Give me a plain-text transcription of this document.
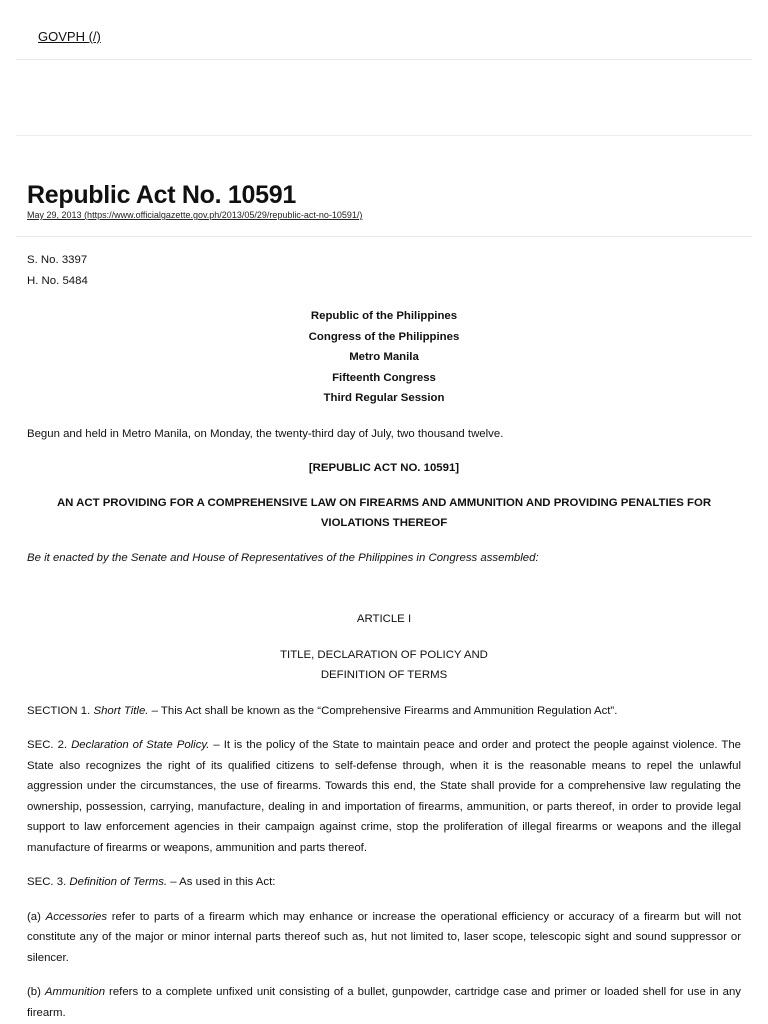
GOVPH (/)
Republic Act No. 10591
May 29, 2013 (https://www.officialgazette.gov.ph/2013/05/29/republic-act-no-10591/)

S. No. 3397

H. No. 5484

Republic of the Philippines

Congress of the Philippines

Metro Manila

Fifteenth Congress

Third Regular Session

Begun and held in Metro Manila, on Monday, the twenty-third day of July, two thousand twelve.

[REPUBLIC ACT NO. 10591]

AN ACT PROVIDING FOR A COMPREHENSIVE LAW ON FIREARMS AND AMMUNITION AND PROVIDING PENALTIES FOR VIOLATIONS THEREOF

Be it enacted by the Senate and House of Representatives of the Philippines in Congress assembled:

ARTICLE I

TITLE, DECLARATION OF POLICY AND

DEFINITION OF TERMS

SECTION 1. Short Title. – This Act shall be known as the “Comprehensive Firearms and Ammunition Regulation Act”.

SEC. 2. Declaration of State Policy. – It is the policy of the State to maintain peace and order and protect the people against violence. The State also recognizes the right of its qualified citizens to self-defense through, when it is the reasonable means to repel the unlawful aggression under the circumstances, the use of firearms. Towards this end, the State shall provide for a comprehensive law regulating the ownership, possession, carrying, manufacture, dealing in and importation of firearms, ammunition, or parts thereof, in order to provide legal support to law enforcement agencies in their campaign against crime, stop the proliferation of illegal firearms or weapons and the illegal manufacture of firearms or weapons, ammunition and parts thereof.

SEC. 3. Definition of Terms. – As used in this Act:

(a) Accessories refer to parts of a firearm which may enhance or increase the operational efficiency or accuracy of a firearm but will not constitute any of the major or minor internal parts thereof such as, hut not limited to, laser scope, telescopic sight and sound suppressor or silencer.

(b) Ammunition refers to a complete unfixed unit consisting of a bullet, gunpowder, cartridge case and primer or loaded shell for use in any firearm.
